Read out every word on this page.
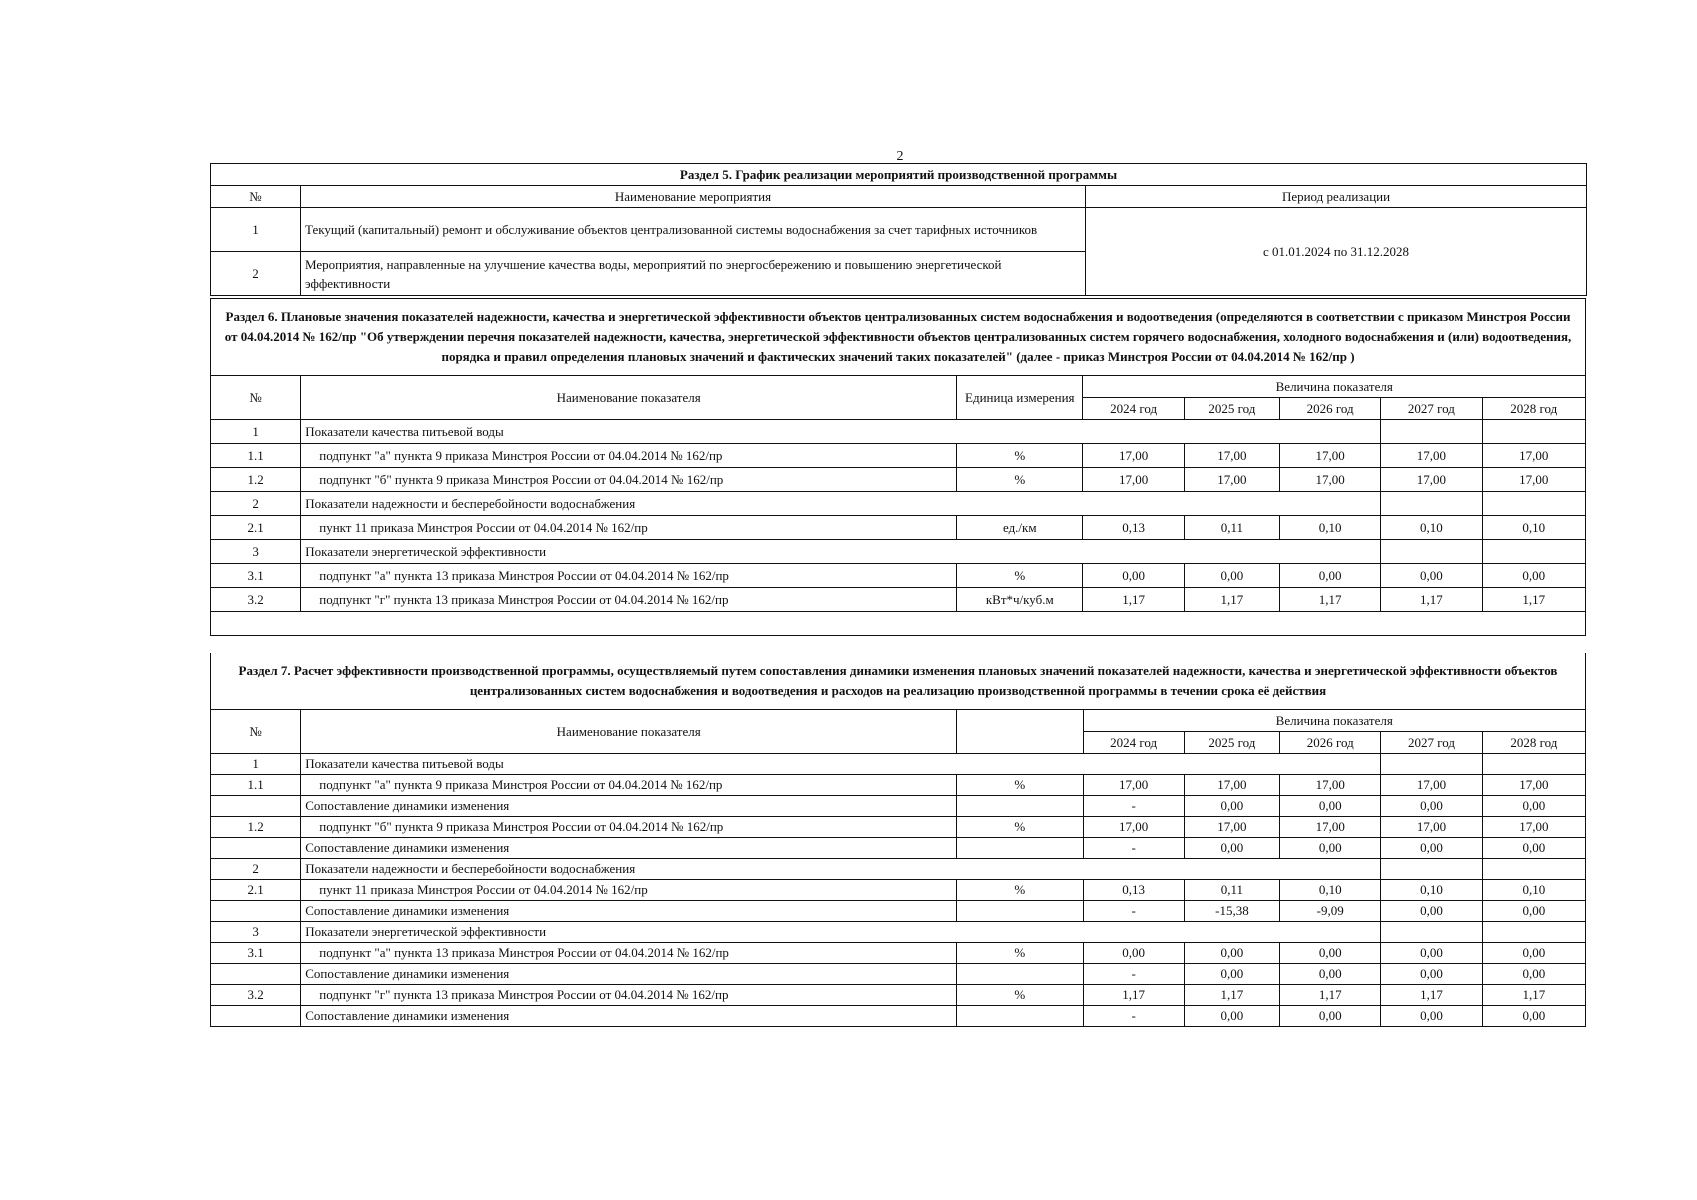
2
Раздел 5. График реализации мероприятий производственной программы		
№	Наименование мероприятия	Период реализации
1	Текущий (капитальный) ремонт и обслуживание объектов централизованной системы водоснабжения за счет тарифных источников	с 01.01.2024 по 31.12.2028
2	Мероприятия, направленные на улучшение качества воды, мероприятий по энергосбережению и повышению энергетической эффективности	
Раздел 6. Плановые значения показателей надежности, качества и энергетической эффективности объектов централизованных систем водоснабжения и водоотведения (определяются в соответствии с приказом Минстроя России от 04.04.2014 № 162/пр "Об утверждении перечня показателей надежности, качества, энергетической эффективности объектов централизованных систем горячего водоснабжения, холодного водоснабжения и (или) водоотведения, порядка и правил определения плановых значений и фактических значений таких показателей" (далее - приказ Минстроя России от 04.04.2014 № 162/пр )							
№	Наименование показателя	Единица измерения	Величина показателя				
			2024 год	2025 год	2026 год	2027 год	2028 год
1	Показатели качества питьевой воды						
1.1	подпункт "а" пункта 9 приказа Минстроя России от 04.04.2014 № 162/пр	%	17,00	17,00	17,00	17,00	17,00
1.2	подпункт "б" пункта 9 приказа Минстроя России от 04.04.2014 № 162/пр	%	17,00	17,00	17,00	17,00	17,00
2	Показатели надежности и бесперебойности водоснабжения						
2.1	пункт 11 приказа Минстроя России от 04.04.2014 № 162/пр	ед./км	0,13	0,11	0,10	0,10	0,10
3	Показатели энергетической эффективности						
3.1	подпункт "а" пункта 13 приказа Минстроя России от 04.04.2014 № 162/пр	%	0,00	0,00	0,00	0,00	0,00
3.2	подпункт "г" пункта 13 приказа Минстроя России от 04.04.2014 № 162/пр	кВт*ч/куб.м	1,17	1,17	1,17	1,17	1,17

Раздел 7. Расчет эффективности производственной программы, осуществляемый путем сопоставления динамики изменения плановых значений показателей надежности, качества и энергетической эффективности объектов централизованных систем водоснабжения и водоотведения и расходов на реализацию производственной программы в течении срока её действия							
№	Наименование показателя		Величина показателя				
			2024 год	2025 год	2026 год	2027 год	2028 год
1	Показатели качества питьевой воды						
1.1	подпункт "а" пункта 9 приказа Минстроя России от 04.04.2014 № 162/пр	%	17,00	17,00	17,00	17,00	17,00
	Сопоставление динамики изменения		-	0,00	0,00	0,00	0,00
1.2	подпункт "б" пункта 9 приказа Минстроя России от 04.04.2014 № 162/пр	%	17,00	17,00	17,00	17,00	17,00
	Сопоставление динамики изменения		-	0,00	0,00	0,00	0,00
2	Показатели надежности и бесперебойности водоснабжения						
2.1	пункт 11 приказа Минстроя России от 04.04.2014 № 162/пр	%	0,13	0,11	0,10	0,10	0,10
	Сопоставление динамики изменения		-	-15,38	-9,09	0,00	0,00
3	Показатели энергетической эффективности						
3.1	подпункт "а" пункта 13 приказа Минстроя России от 04.04.2014 № 162/пр	%	0,00	0,00	0,00	0,00	0,00
	Сопоставление динамики изменения		-	0,00	0,00	0,00	0,00
3.2	подпункт "г" пункта 13 приказа Минстроя России от 04.04.2014 № 162/пр	%	1,17	1,17	1,17	1,17	1,17
	Сопоставление динамики изменения		-	0,00	0,00	0,00	0,00
